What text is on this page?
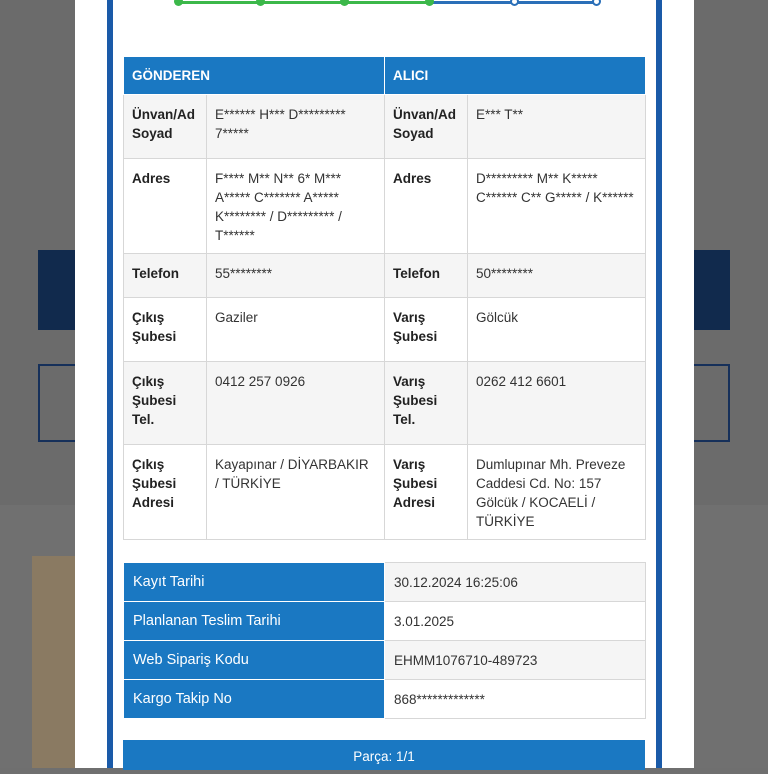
GÖNDEREN		ALICI	
Ünvan/Ad Soyad	E****** H*** D********* 7*****	Ünvan/Ad Soyad	E*** T**
Adres	F**** M** N** 6* M*** A***** C******* A***** K******** / D********* / T******	Adres	D********* M** K***** C****** C** G***** / K******
Telefon	55********	Telefon	50********
Çıkış Şubesi	Gaziler	Varış Şubesi	Gölcük
Çıkış Şubesi Tel.	0412 257 0926	Varış Şubesi Tel.	0262 412 6601
Çıkış Şubesi Adresi	Kayapınar / DİYARBAKIR / TÜRKİYE	Varış Şubesi Adresi	Dumlupınar Mh. Preveze Caddesi Cd. No: 157 Gölcük / KOCAELİ / TÜRKİYE
Kayıt Tarihi	30.12.2024 16:25:06
Planlanan Teslim Tarihi	3.01.2025
Web Sipariş Kodu	EHMM1076710-489723
Kargo Takip No	868*************
Parça: 1/1
